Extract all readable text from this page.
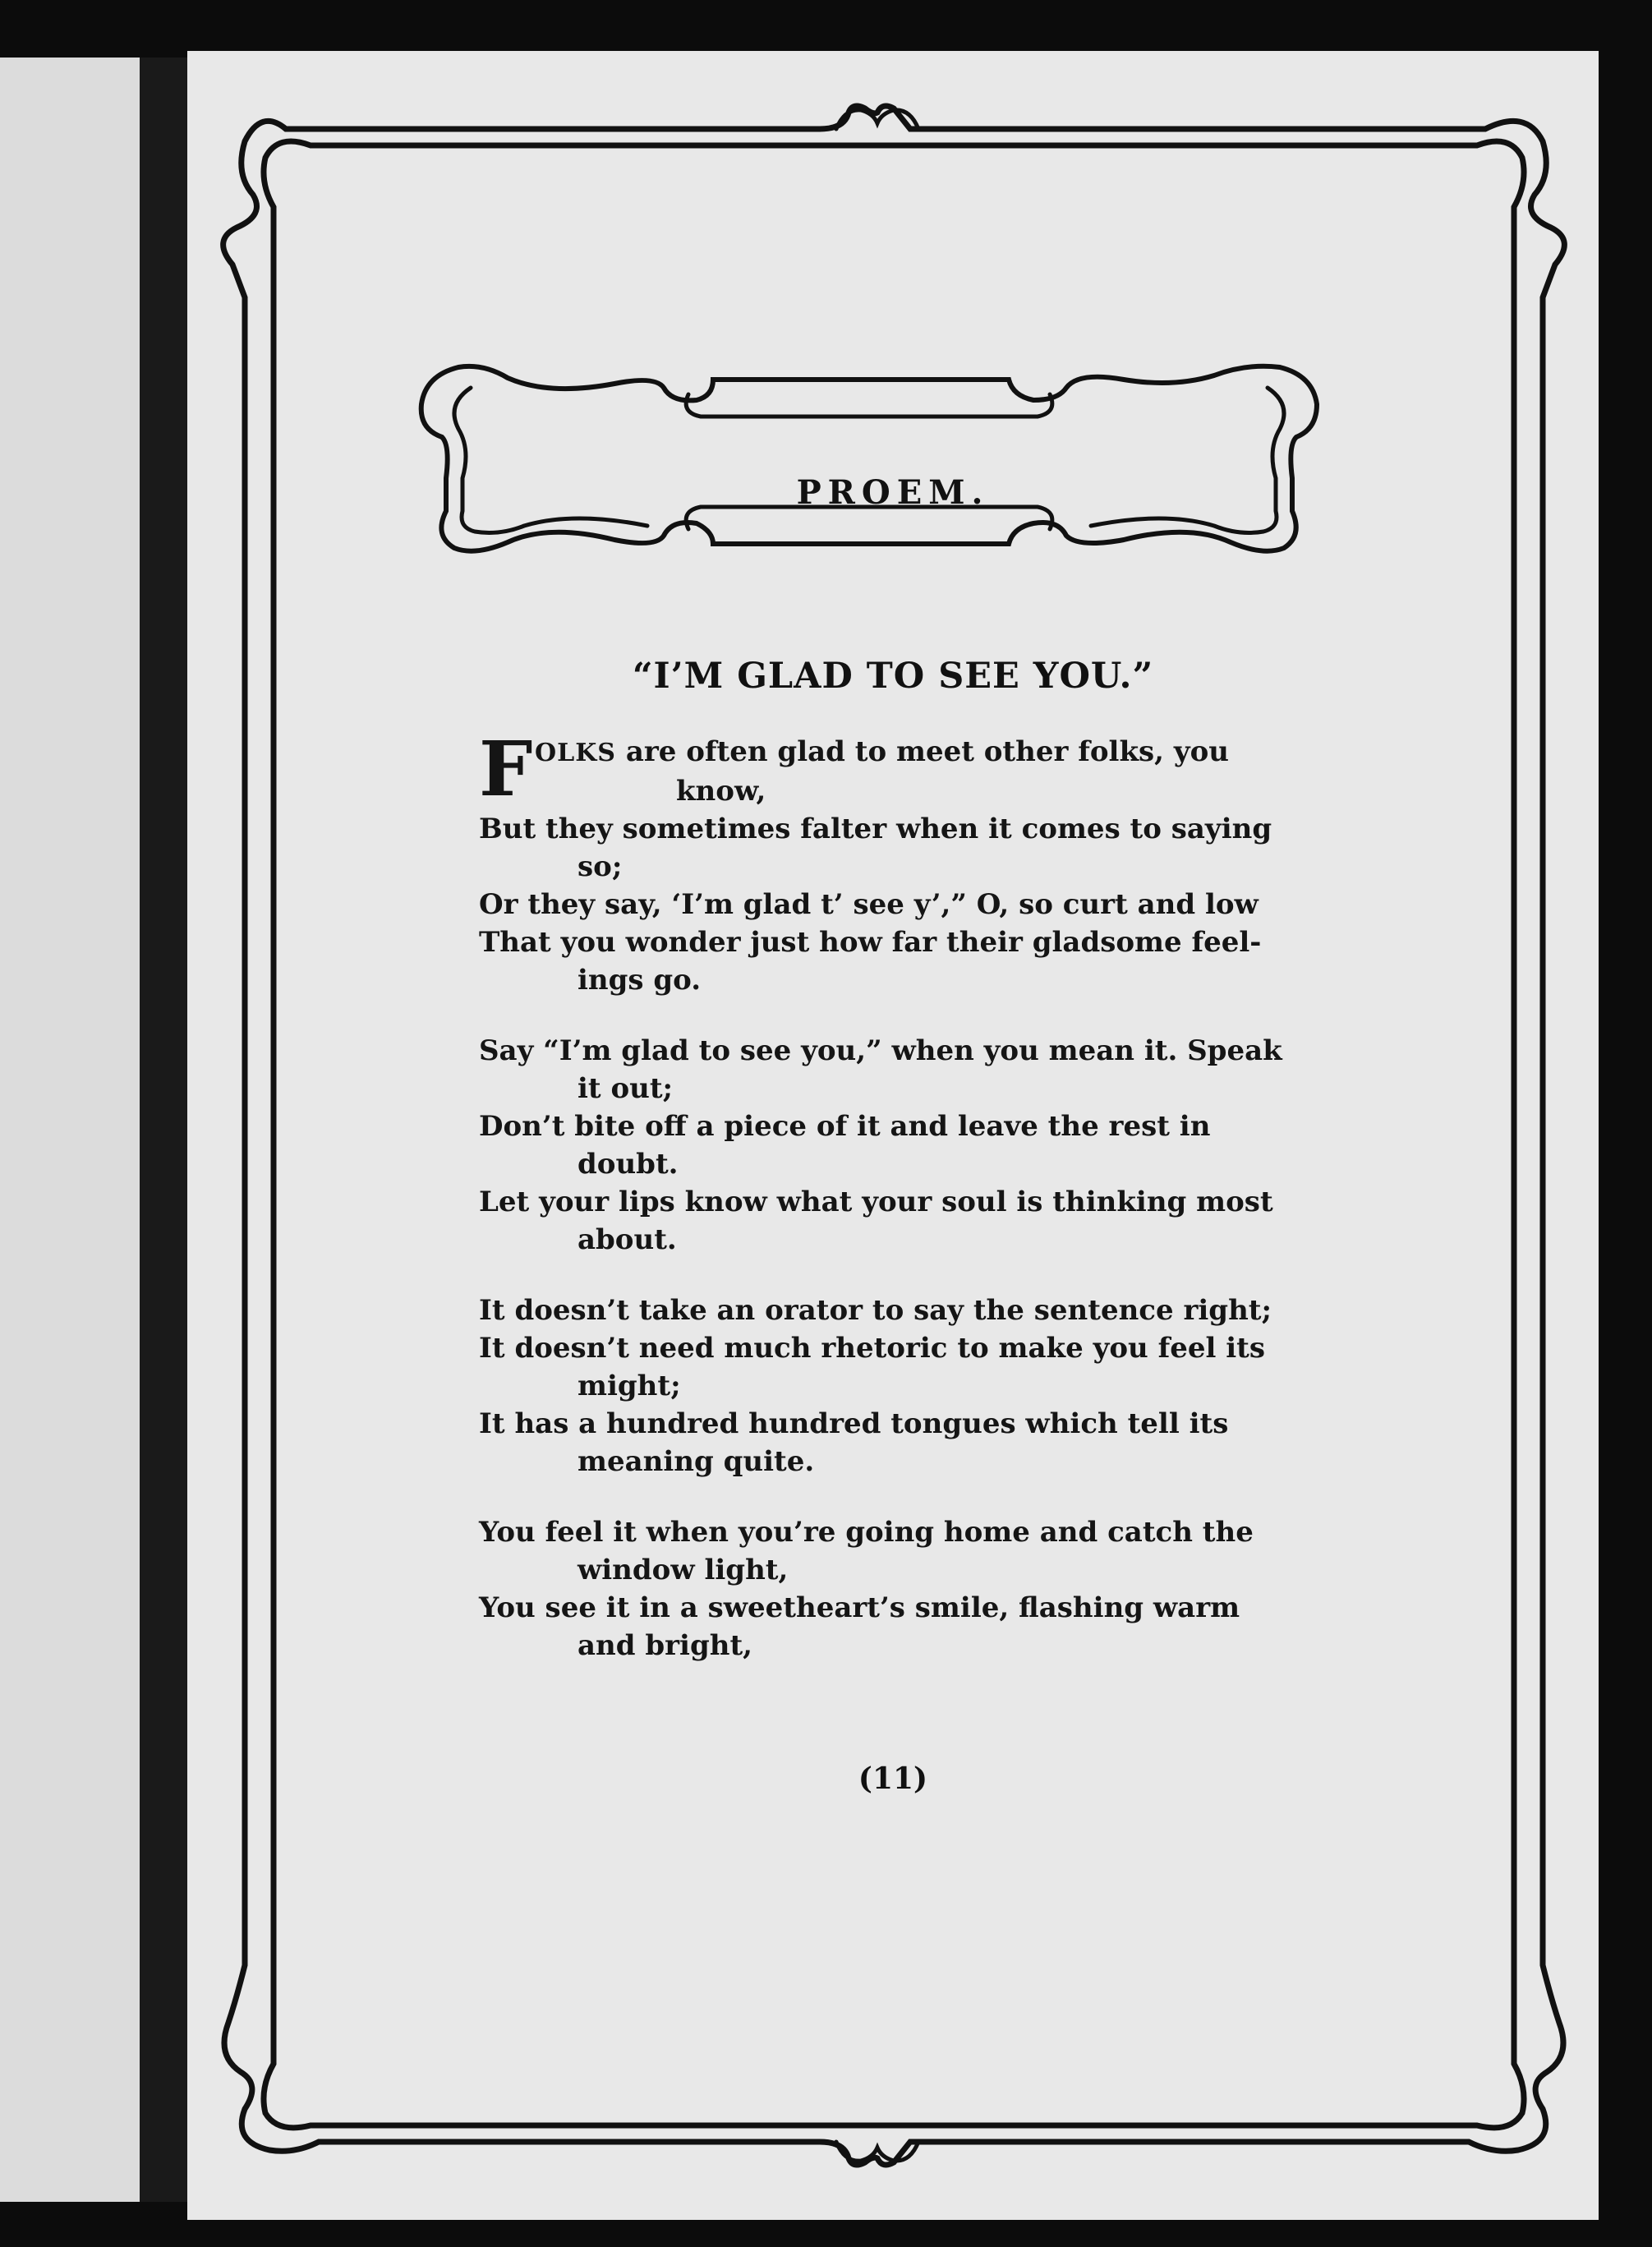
PROEM.
“I’M GLAD TO SEE YOU.”
F OLKS are often glad to meet other folks, you
know,
But they sometimes falter when it comes to saying
so;
Or they say, ‘I’m glad t’ see y’,” O, so curt and low
That you wonder just how far their gladsome feel-
ings go.
Say “I’m glad to see you,” when you mean it. Speak
it out;
Don’t bite off a piece of it and leave the rest in
doubt.
Let your lips know what your soul is thinking most
about.
It doesn’t take an orator to say the sentence right;
It doesn’t need much rhetoric to make you feel its
might;
It has a hundred hundred tongues which tell its
meaning quite.
You feel it when you’re going home and catch the
window light,
You see it in a sweetheart’s smile, flashing warm
and bright,
(11)
